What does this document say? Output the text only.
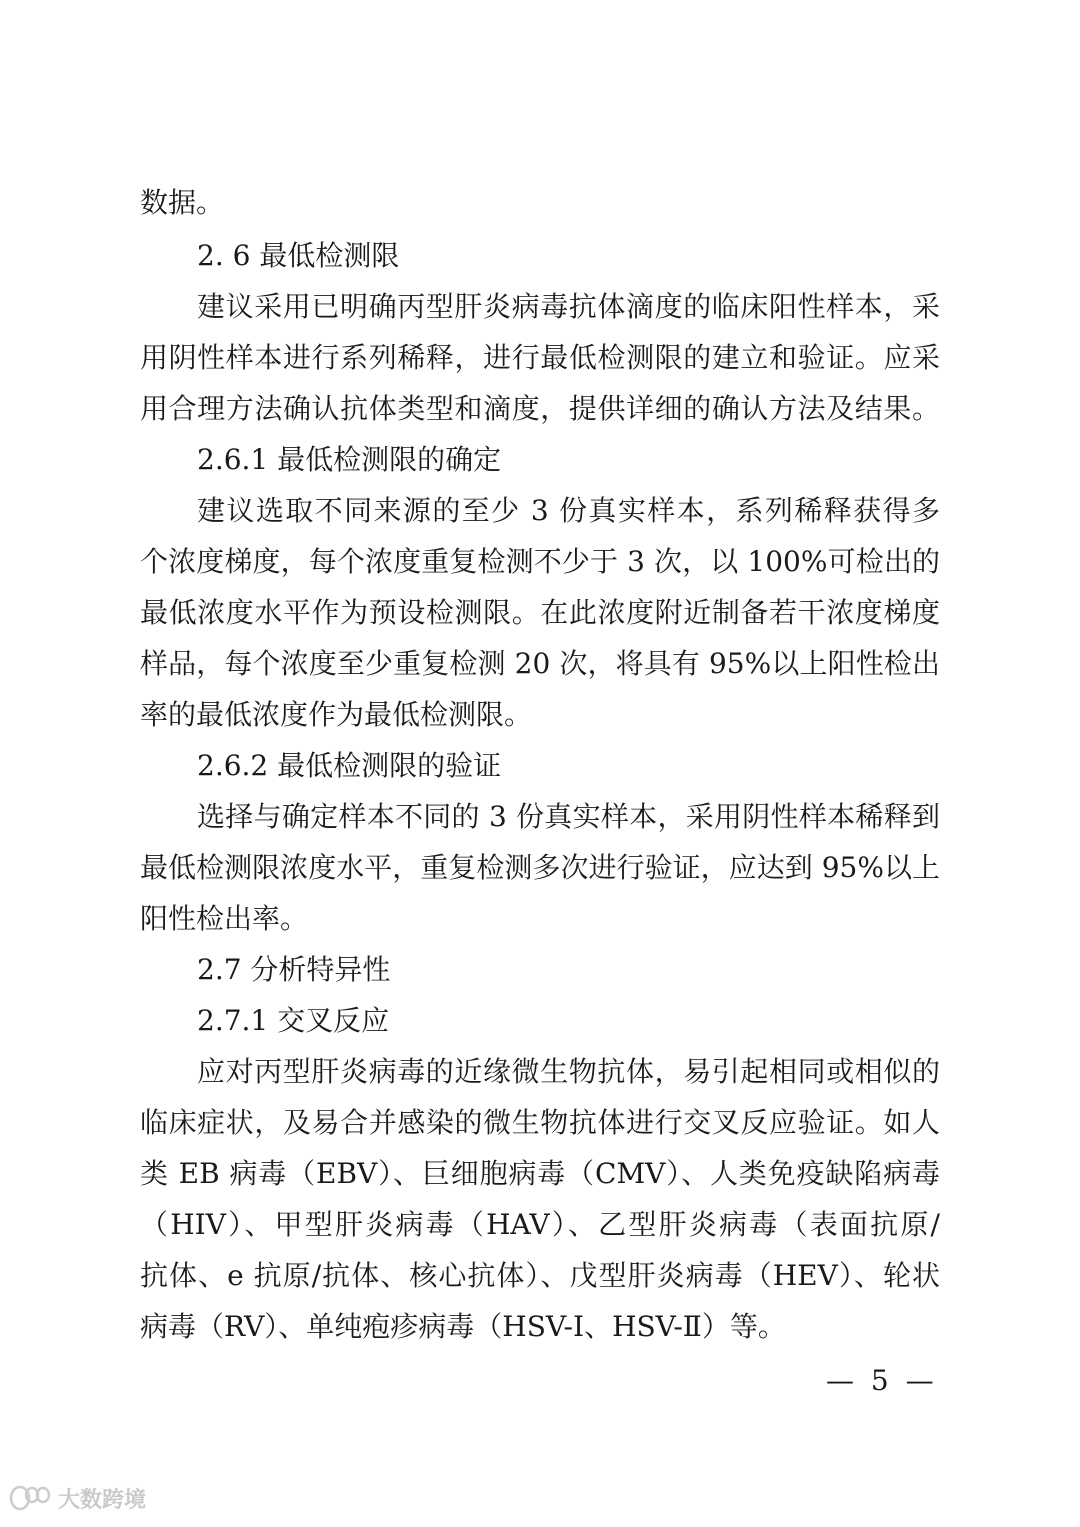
数据。
2. 6 最低检测限
建议采用已明确丙型肝炎病毒抗体滴度的临床阳性样本，采
用阴性样本进行系列稀释，进行最低检测限的建立和验证。应采
用合理方法确认抗体类型和滴度，提供详细的确认方法及结果。
2.6.1 最低检测限的确定
建议选取不同来源的至少 3 份真实样本，系列稀释获得多
个浓度梯度，每个浓度重复检测不少于 3 次，以 100%可检出的
最低浓度水平作为预设检测限。在此浓度附近制备若干浓度梯度
样品，每个浓度至少重复检测 20 次，将具有 95%以上阳性检出
率的最低浓度作为最低检测限。
2.6.2 最低检测限的验证
选择与确定样本不同的 3 份真实样本，采用阴性样本稀释到
最低检测限浓度水平，重复检测多次进行验证，应达到 95%以上
阳性检出率。
2.7 分析特异性
2.7.1 交叉反应
应对丙型肝炎病毒的近缘微生物抗体，易引起相同或相似的
临床症状，及易合并感染的微生物抗体进行交叉反应验证。如人
类 EB 病毒（EBV）、巨细胞病毒（CMV）、人类免疫缺陷病毒
（HIV）、甲型肝炎病毒（HAV）、乙型肝炎病毒（表面抗原/
抗体、e 抗原/抗体、核心抗体）、戊型肝炎病毒（HEV）、轮状
病毒（RV）、单纯疱疹病毒（HSV-Ⅰ、HSV-Ⅱ）等。
— 5 —
大数跨境
